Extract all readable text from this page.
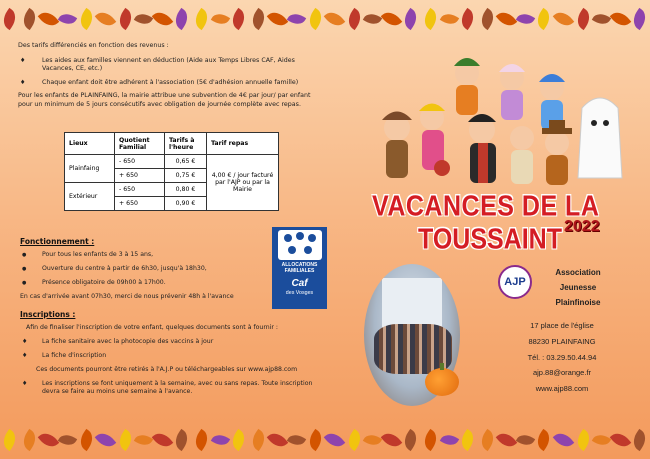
Des tarifs différenciés en fonction des revenus :
♦ Les aides aux familles viennent en déduction (Aide aux Temps Libres CAF, Aides Vacances, CE, etc.)
♦ Chaque enfant doit être adhérent à l'association (5€ d'adhésion annuelle famille)
Pour les enfants de PLAINFAING, la mairie attribue une subvention de 4€ par jour/ par enfant pour un minimum de 5 jours consécutifs avec obligation de journée complète avec repas.
Lieux	Quotient Familial	Tarifs à l'heure	Tarif repas
Plainfaing	- 650	0,65 €	4,00 € / jour facturé par l'AJP ou par la Mairie
	+ 650	0,75 €	
Extérieur	- 650	0,80 €	
	+ 650	0,90 €	
Fonctionnement :
● Pour tous les enfants de 3 à 15 ans,
● Ouverture du centre à partir de 6h30, jusqu'à 18h30,
● Présence obligatoire de 09h00 à 17h00.
En cas d'arrivée avant 07h30, merci de nous prévenir 48h à l'avance
Inscriptions :
Afin de finaliser l'inscription de votre enfant, quelques documents sont à fournir :
♦ La fiche sanitaire avec la photocopie des vaccins à jour
♦ La fiche d'inscription
Ces documents pourront être retirés à l'A.J.P ou téléchargeables sur www.ajp88.com
♦ Les inscriptions se font uniquement à la semaine, avec ou sans repas. Toute inscription devra se faire au moins une semaine à l'avance.
ALLOCATIONS FAMILIALES
Caf
des Vosges
VACANCES DE LA
TOUSSAINT 2022
AJP
Association
Jeunesse
Plainfinoise
17 place de l'église
88230 PLAINFAING
Tél. : 03.29.50.44.94
ajp.88@orange.fr
www.ajp88.com
